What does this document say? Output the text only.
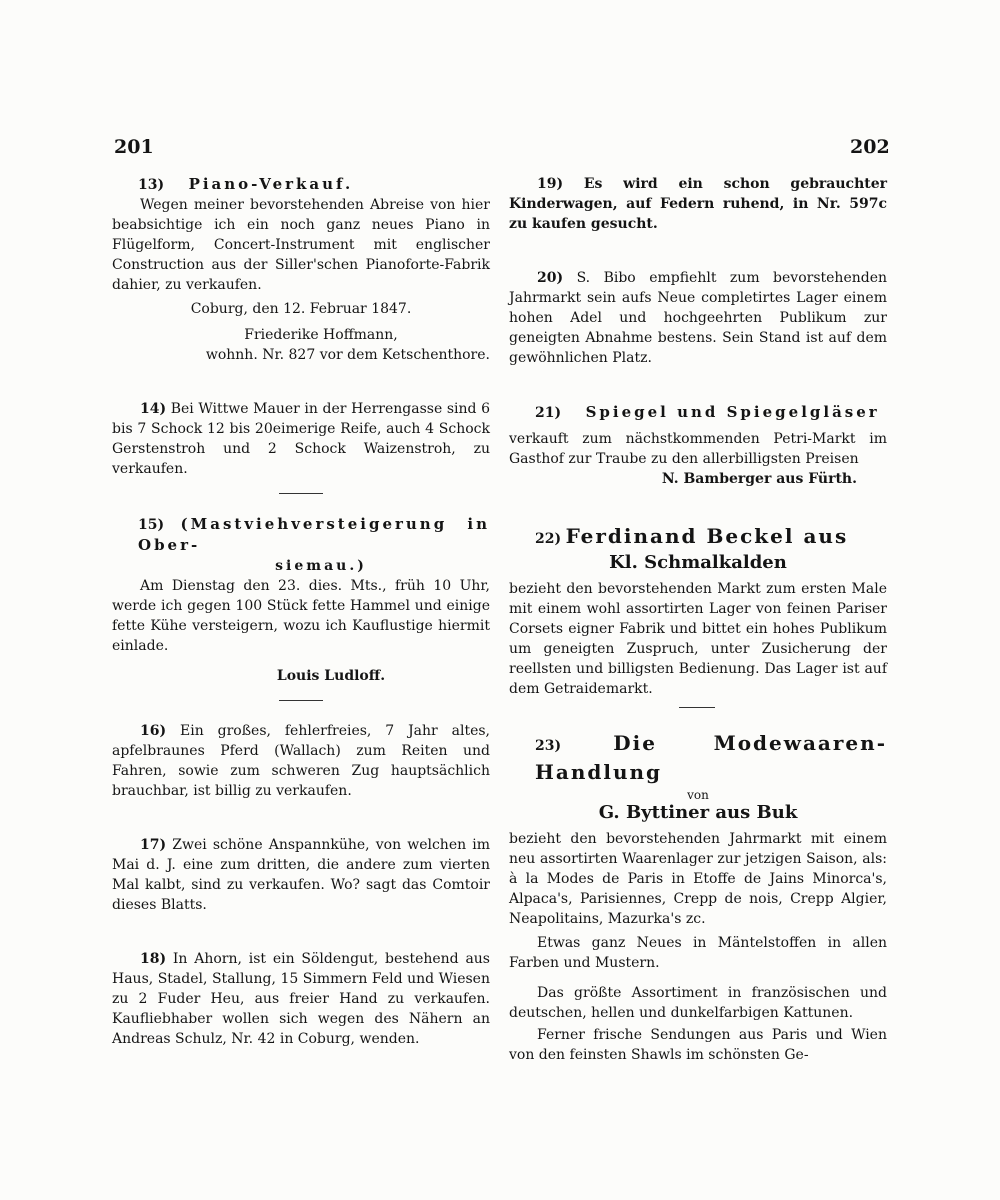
201	202

13) Piano-Verkauf.

Wegen meiner bevorstehenden Abreise von hier beabsichtige ich ein noch ganz neues Piano in Flügelform, Concert-Instrument mit englischer Construction aus der Siller'schen Pianoforte-Fabrik dahier, zu verkaufen.

Coburg, den 12. Februar 1847.

Friederike Hoffmann,

wohnh. Nr. 827 vor dem Ketschenthore.

14) Bei Wittwe Mauer in der Herrengasse sind 6 bis 7 Schock 12 bis 20eimerige Reife, auch 4 Schock Gerstenstroh und 2 Schock Waizenstroh, zu verkaufen.

15) (Mastviehversteigerung in Ober-

siemau.)

Am Dienstag den 23. dies. Mts., früh 10 Uhr, werde ich gegen 100 Stück fette Hammel und einige fette Kühe versteigern, wozu ich Kauflustige hiermit einlade.

Louis Ludloff.

16) Ein großes, fehlerfreies, 7 Jahr altes, apfelbraunes Pferd (Wallach) zum Reiten und Fahren, sowie zum schweren Zug hauptsächlich brauchbar, ist billig zu verkaufen.

17) Zwei schöne Anspannkühe, von welchen im Mai d. J. eine zum dritten, die andere zum vierten Mal kalbt, sind zu verkaufen. Wo? sagt das Comtoir dieses Blatts.

18) In Ahorn, ist ein Söldengut, bestehend aus Haus, Stadel, Stallung, 15 Simmern Feld und Wiesen zu 2 Fuder Heu, aus freier Hand zu verkaufen. Kaufliebhaber wollen sich wegen des Nähern an Andreas Schulz, Nr. 42 in Coburg, wenden.

19) Es wird ein schon gebrauchter Kinderwagen, auf Federn ruhend, in Nr. 597c zu kaufen gesucht.

20) S. Bibo empfiehlt zum bevorstehenden Jahrmarkt sein aufs Neue completirtes Lager einem hohen Adel und hochgeehrten Publikum zur geneigten Abnahme bestens. Sein Stand ist auf dem gewöhnlichen Platz.

21) Spiegel und Spiegelgläser

verkauft zum nächstkommenden Petri-Markt im Gasthof zur Traube zu den allerbilligsten Preisen

N. Bamberger aus Fürth.

22) Ferdinand Beckel aus

Kl. Schmalkalden

bezieht den bevorstehenden Markt zum ersten Male mit einem wohl assortirten Lager von feinen Pariser Corsets eigner Fabrik und bittet ein hohes Publikum um geneigten Zuspruch, unter Zusicherung der reellsten und billigsten Bedienung. Das Lager ist auf dem Getraidemarkt.

23)	Die Modewaaren-Handlung

von

G. Byttiner aus Buk

bezieht den bevorstehenden Jahrmarkt mit einem neu assortirten Waarenlager zur jetzigen Saison, als: à la Modes de Paris in Etoffe de Jains Minorca's, Alpaca's, Parisiennes, Crepp de nois, Crepp Algier, Neapolitains, Mazurka's zc.

Etwas ganz Neues in Mäntelstoffen in allen Farben und Mustern.

Das größte Assortiment in französischen und deutschen, hellen und dunkelfarbigen Kattunen.

Ferner frische Sendungen aus Paris und Wien von den feinsten Shawls im schönsten Ge-
